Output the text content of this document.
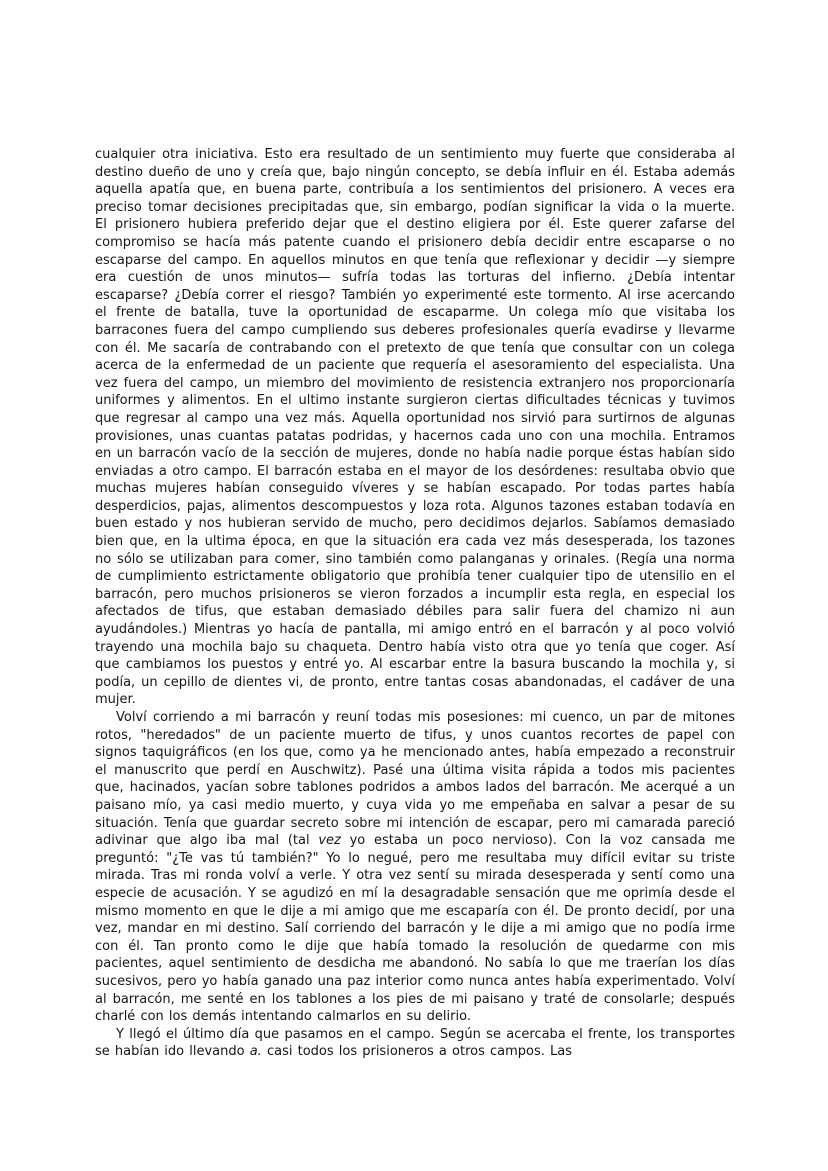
cualquier otra iniciativa. Esto era resultado de un sentimiento muy fuerte que consideraba al destino dueño de uno y creía que, bajo ningún concepto, se debía influir en él. Estaba además aquella apatía que, en buena parte, contribuía a los sentimientos del prisionero. A veces era preciso tomar decisiones precipitadas que, sin embargo, podían significar la vida o la muerte. El prisionero hubiera preferido dejar que el destino eligiera por él. Este querer zafarse del compromiso se hacía más patente cuando el prisionero debía decidir entre escaparse o no escaparse del campo. En aquellos minutos en que tenía que reflexionar y decidir —y siempre era cuestión de unos minutos— sufría todas las torturas del infierno. ¿Debía intentar escaparse? ¿Debía correr el riesgo? También yo experimenté este tormento. Al irse acercando el frente de batalla, tuve la oportunidad de escaparme. Un colega mío que visitaba los barracones fuera del campo cumpliendo sus deberes profesionales quería evadirse y llevarme con él. Me sacaría de contrabando con el pretexto de que tenía que consultar con un colega acerca de la enfermedad de un paciente que requería el asesoramiento del especialista. Una vez fuera del campo, un miembro del movimiento de resistencia extranjero nos proporcionaría uniformes y alimentos. En el ultimo instante surgieron ciertas dificultades técnicas y tuvimos que regresar al campo una vez más. Aquella oportunidad nos sirvió para surtirnos de algunas provisiones, unas cuantas patatas podridas, y hacernos cada uno con una mochila. Entramos en un barracón vacío de la sección de mujeres, donde no había nadie porque éstas habían sido enviadas a otro campo. El barracón estaba en el mayor de los desórdenes: resultaba obvio que muchas mujeres habían conseguido víveres y se habían escapado. Por todas partes había desperdicios, pajas, alimentos descompuestos y loza rota. Algunos tazones estaban todavía en buen estado y nos hubieran servido de mucho, pero decidimos dejarlos. Sabíamos demasiado bien que, en la ultima época, en que la situación era cada vez más desesperada, los tazones no sólo se utilizaban para comer, sino también como palanganas y orinales. (Regía una norma de cumplimiento estrictamente obligatorio que prohibía tener cualquier tipo de utensilio en el barracón, pero muchos prisioneros se vieron forzados a incumplir esta regla, en especial los afectados de tifus, que estaban demasiado débiles para salir fuera del chamizo ni aun ayudándoles.) Mientras yo hacía de pantalla, mi amigo entró en el barracón y al poco volvió trayendo una mochila bajo su chaqueta. Dentro había visto otra que yo tenía que coger. Así que cambiamos los puestos y entré yo. Al escarbar entre la basura buscando la mochila y, si podía, un cepillo de dientes vi, de pronto, entre tantas cosas abandonadas, el cadáver de una mujer.

Volví corriendo a mi barracón y reuní todas mis posesiones: mi cuenco, un par de mitones rotos, "heredados" de un paciente muerto de tifus, y unos cuantos recortes de papel con signos taquigráficos (en los que, como ya he mencionado antes, había empezado a reconstruir el manuscrito que perdí en Auschwitz). Pasé una última visita rápida a todos mis pacientes que, hacinados, yacían sobre tablones podridos a ambos lados del barracón. Me acerqué a un paisano mío, ya casi medio muerto, y cuya vida yo me empeñaba en salvar a pesar de su situación. Tenía que guardar secreto sobre mi intención de escapar, pero mi camarada pareció adivinar que algo iba mal (tal vez yo estaba un poco nervioso). Con la voz cansada me preguntó: "¿Te vas tú también?" Yo lo negué, pero me resultaba muy difícil evitar su triste mirada. Tras mi ronda volví a verle. Y otra vez sentí su mirada desesperada y sentí como una especie de acusación. Y se agudizó en mí la desagradable sensación que me oprimía desde el mismo momento en que le dije a mi amigo que me escaparía con él. De pronto decidí, por una vez, mandar en mi destino. Salí corriendo del barracón y le dije a mi amigo que no podía irme con él. Tan pronto como le dije que había tomado la resolución de quedarme con mis pacientes, aquel sentimiento de desdicha me abandonó. No sabía lo que me traerían los días sucesivos, pero yo había ganado una paz interior como nunca antes había experimentado. Volví al barracón, me senté en los tablones a los pies de mi paisano y traté de consolarle; después charlé con los demás intentando calmarlos en su delirio.

Y llegó el último día que pasamos en el campo. Según se acercaba el frente, los transportes se habían ido llevando a. casi todos los prisioneros a otros campos. Las
